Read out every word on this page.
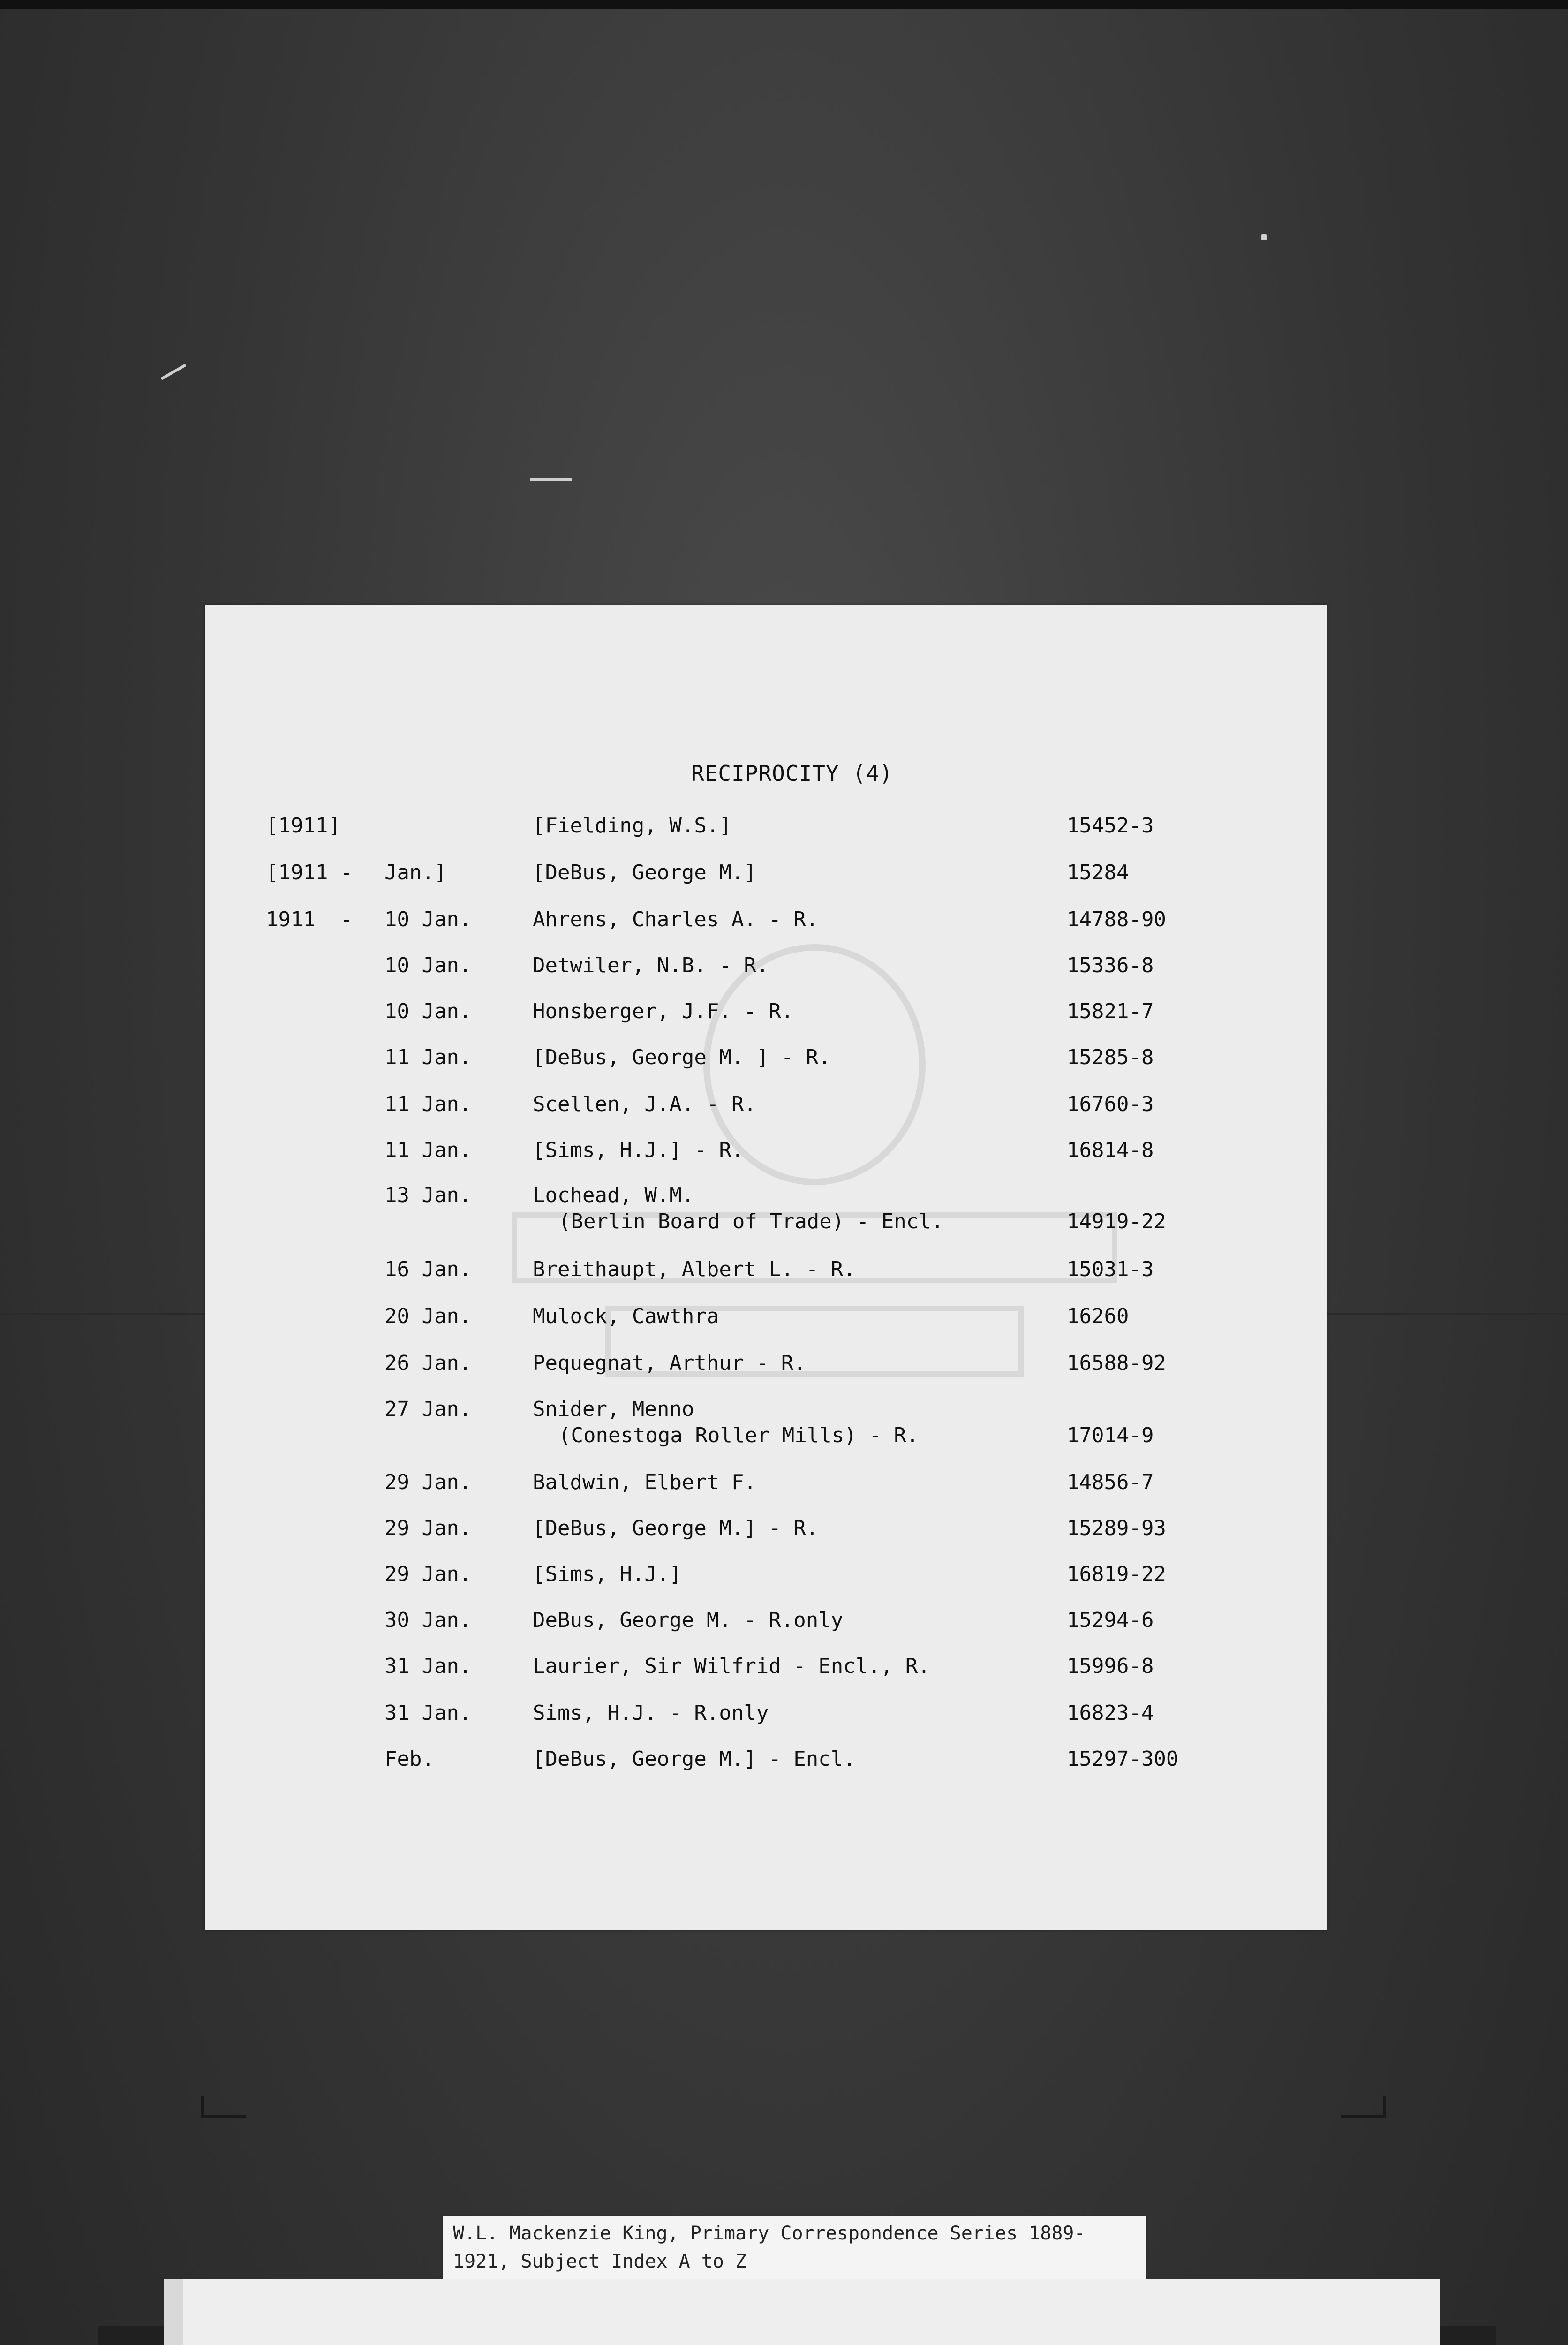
RECIPROCITY (4)
[1911]	[Fielding, W.S.]	15452-3
[1911 - Jan.]	[DeBus, George M.]	15284
1911  - 10 Jan.	Ahrens, Charles A. - R.	14788-90
10 Jan.	Detwiler, N.B. - R.	15336-8
10 Jan.	Honsberger, J.F. - R.	15821-7
11 Jan.	[DeBus, George M. ] - R.	15285-8
11 Jan.	Scellen, J.A. - R.	16760-3
11 Jan.	[Sims, H.J.] - R.	16814-8
13 Jan.	Lochead, W.M.
(Berlin Board of Trade) - Encl.	14919-22
16 Jan.	Breithaupt, Albert L. - R.	15031-3
20 Jan.	Mulock, Cawthra	16260
26 Jan.	Pequegnat, Arthur - R.	16588-92
27 Jan.	Snider, Menno
(Conestoga Roller Mills) - R.	17014-9
29 Jan.	Baldwin, Elbert F.	14856-7
29 Jan.	[DeBus, George M.] - R.	15289-93
29 Jan.	[Sims, H.J.]	16819-22
30 Jan.	DeBus, George M. - R.only	15294-6
31 Jan.	Laurier, Sir Wilfrid - Encl., R.	15996-8
31 Jan.	Sims, H.J. - R.only	16823-4
Feb.	[DeBus, George M.] - Encl.	15297-300
W.L. Mackenzie King, Primary Correspondence Series 1889-
1921, Subject Index A to Z
